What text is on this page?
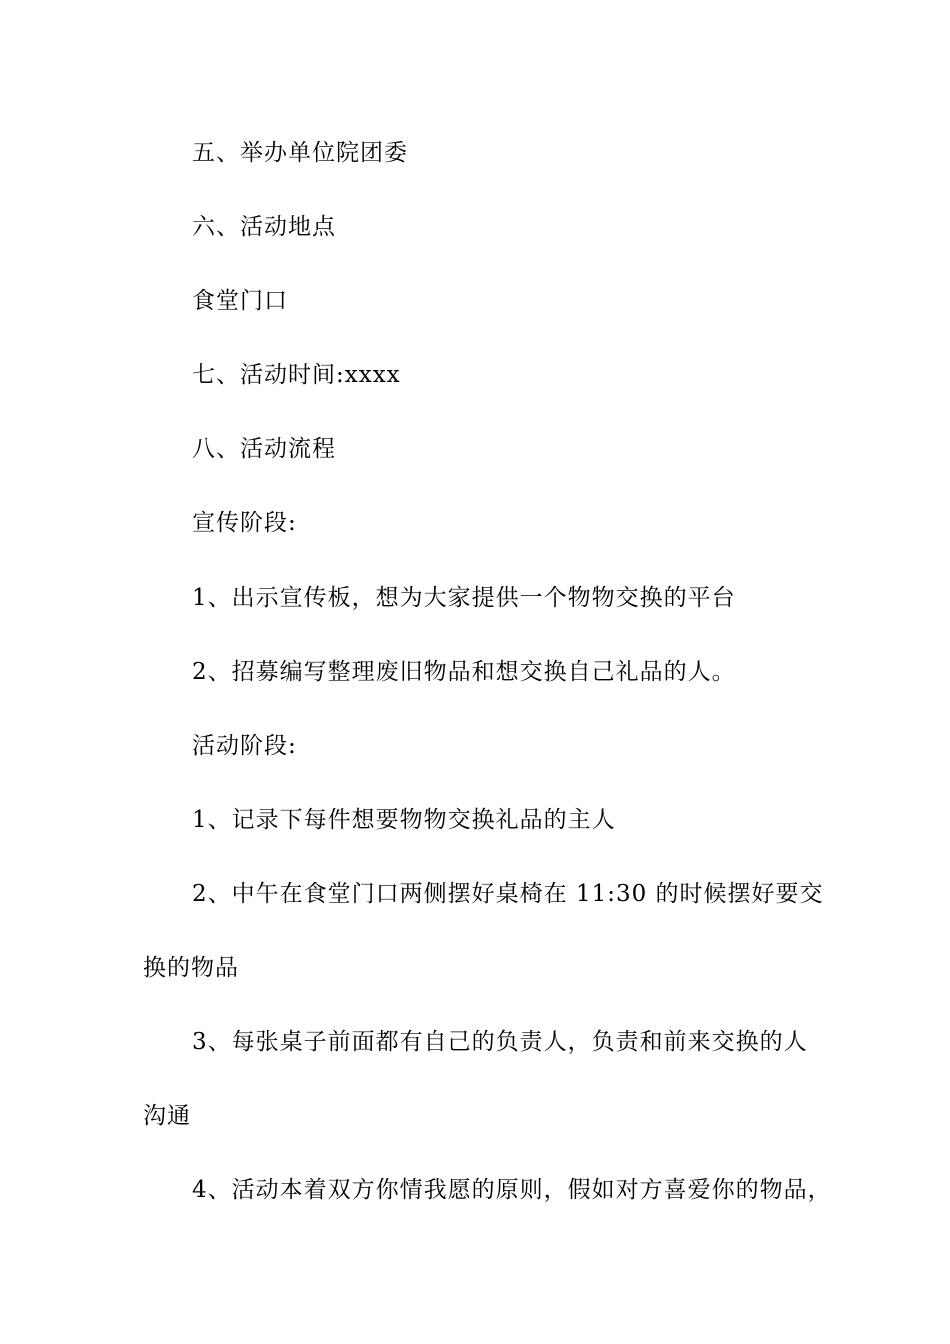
五、举办单位院团委
六、活动地点
食堂门口
七、活动时间:xxxx
八、活动流程
宣传阶段:
1、出示宣传板，想为大家提供一个物物交换的平台
2、招募编写整理废旧物品和想交换自己礼品的人。
活动阶段:
1、记录下每件想要物物交换礼品的主人
2、中午在食堂门口两侧摆好桌椅在 11:30 的时候摆好要交
换的物品
3、每张桌子前面都有自己的负责人，负责和前来交换的人
沟通
4、活动本着双方你情我愿的原则，假如对方喜爱你的物品，
